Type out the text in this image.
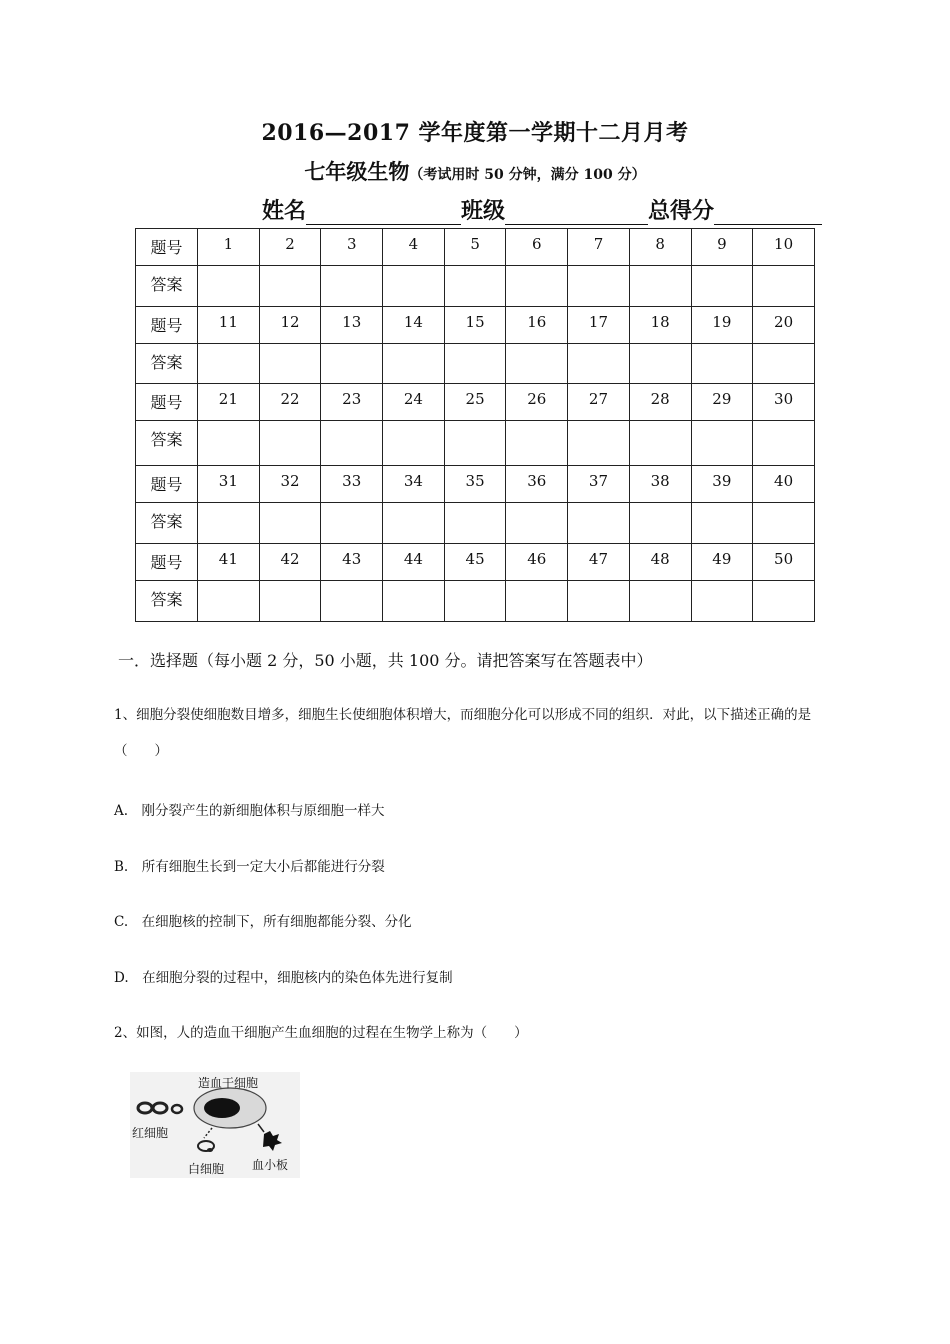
2016—2017 学年度第一学期十二月月考
七年级生物（考试用时 50 分钟，满分 100 分）
姓名	班级	总得分
题号	1	2	3	4	5	6	7	8	9	10
答案										
题号	11	12	13	14	15	16	17	18	19	20
答案										
题号	21	22	23	24	25	26	27	28	29	30
答案										
题号	31	32	33	34	35	36	37	38	39	40
答案										
题号	41	42	43	44	45	46	47	48	49	50
答案										
一．选择题（每小题 2 分，50 小题，共 100 分。请把答案写在答题表中）
1、细胞分裂使细胞数目增多，细胞生长使细胞体积增大，而细胞分化可以形成不同的组织．对此，以下描述正确的是（　　）
A.　刚分裂产生的新细胞体积与原细胞一样大
B.　所有细胞生长到一定大小后都能进行分裂
C.　在细胞核的控制下，所有细胞都能分裂、分化
D.　在细胞分裂的过程中，细胞核内的染色体先进行复制
2、如图，人的造血干细胞产生血细胞的过程在生物学上称为（　　）
造血干细胞
红细胞
白细胞 血小板
